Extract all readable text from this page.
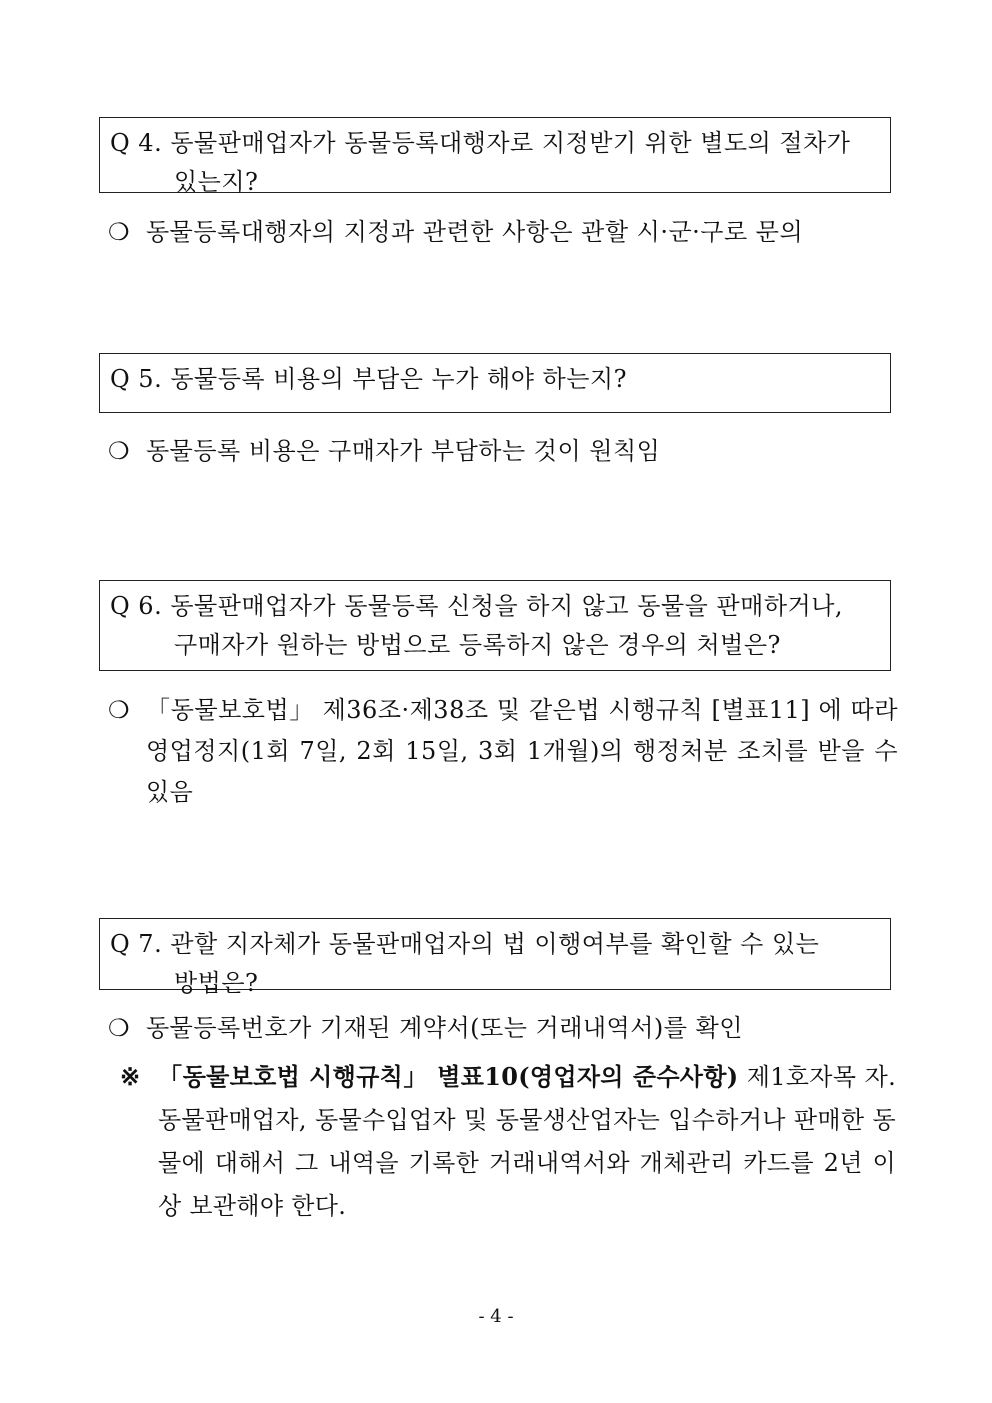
Q 4. 동물판매업자가 동물등록대행자로 지정받기 위한 별도의 절차가
있는지?
❍ 동물등록대행자의 지정과 관련한 사항은 관할 시·군·구로 문의
Q 5. 동물등록 비용의 부담은 누가 해야 하는지?
❍ 동물등록 비용은 구매자가 부담하는 것이 원칙임
Q 6. 동물판매업자가 동물등록 신청을 하지 않고 동물을 판매하거나,
구매자가 원하는 방법으로 등록하지 않은 경우의 처벌은?
❍ 「동물보호법」 제36조·제38조 및 같은법 시행규칙 [별표11] 에 따라 영업정지(1회 7일, 2회 15일, 3회 1개월)의 행정처분 조치를 받을 수 있음
Q 7. 관할 지자체가 동물판매업자의 법 이행여부를 확인할 수 있는
방법은?
❍ 동물등록번호가 기재된 계약서(또는 거래내역서)를 확인
※ 「동물보호법 시행규칙」 별표10(영업자의 준수사항) 제1호자목 자. 동물판매업자, 동물수입업자 및 동물생산업자는 입수하거나 판매한 동물에 대해서 그 내역을 기록한 거래내역서와 개체관리 카드를 2년 이상 보관해야 한다.
- 4 -
